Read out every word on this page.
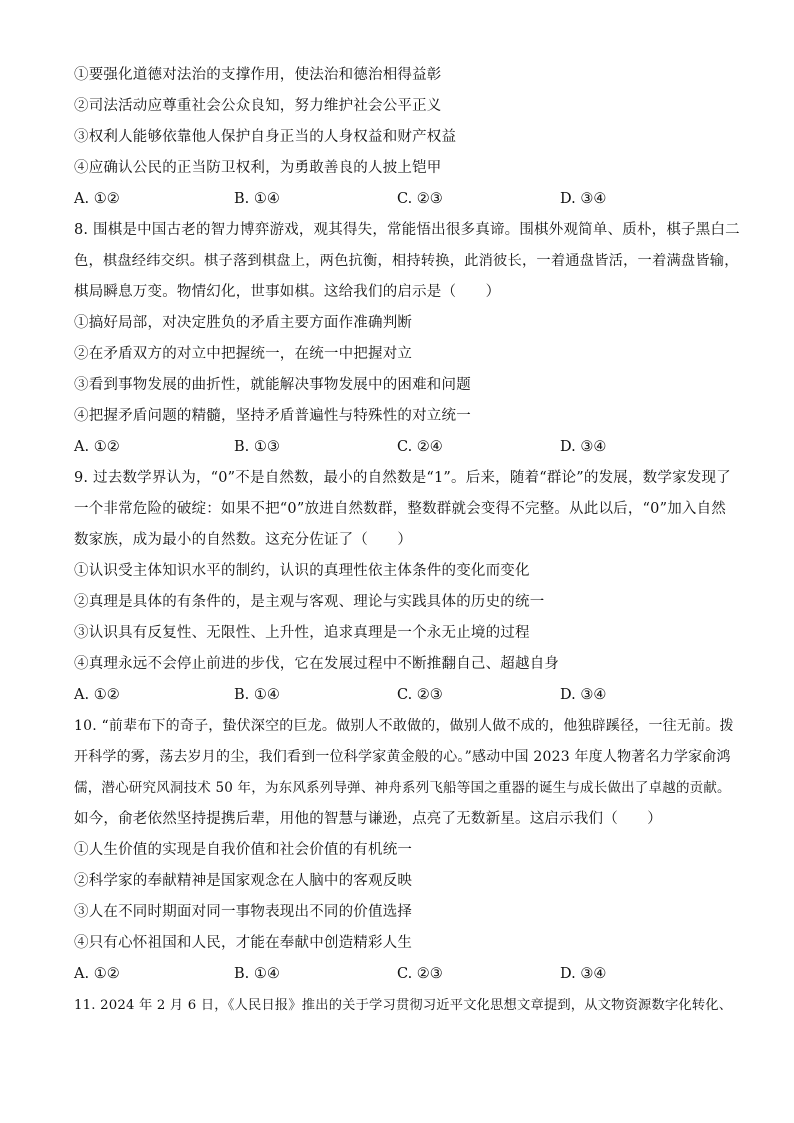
①要强化道德对法治的支撑作用，使法治和德治相得益彰
②司法活动应尊重社会公众良知，努力维护社会公平正义
③权利人能够依靠他人保护自身正当的人身权益和财产权益
④应确认公民的正当防卫权利，为勇敢善良的人披上铠甲
A. ①②	B. ①④	C. ②③	D. ③④
8. 围棋是中国古老的智力博弈游戏，观其得失，常能悟出很多真谛。围棋外观简单、质朴，棋子黑白二
色，棋盘经纬交织。棋子落到棋盘上，两色抗衡，相持转换，此消彼长，一着通盘皆活，一着满盘皆输，
棋局瞬息万变。物情幻化，世事如棋。这给我们的启示是（　　）
①搞好局部，对决定胜负的矛盾主要方面作准确判断
②在矛盾双方的对立中把握统一，在统一中把握对立
③看到事物发展的曲折性，就能解决事物发展中的困难和问题
④把握矛盾问题的精髓，坚持矛盾普遍性与特殊性的对立统一
A. ①②	B. ①③	C. ②④	D. ③④
9. 过去数学界认为，“0”不是自然数，最小的自然数是“1”。后来，随着“群论”的发展，数学家发现了
一个非常危险的破绽：如果不把“0”放进自然数群，整数群就会变得不完整。从此以后，“0”加入自然
数家族，成为最小的自然数。这充分佐证了（　　）
①认识受主体知识水平的制约，认识的真理性依主体条件的变化而变化
②真理是具体的有条件的，是主观与客观、理论与实践具体的历史的统一
③认识具有反复性、无限性、上升性，追求真理是一个永无止境的过程
④真理永远不会停止前进的步伐，它在发展过程中不断推翻自己、超越自身
A. ①②	B. ①④	C. ②③	D. ③④
10. “前辈布下的奇子，蛰伏深空的巨龙。做别人不敢做的，做别人做不成的，他独辟蹊径，一往无前。拨
开科学的雾，荡去岁月的尘，我们看到一位科学家黄金般的心。”感动中国 2023 年度人物著名力学家俞鸿
儒，潜心研究风洞技术 50 年，为东风系列导弹、神舟系列飞船等国之重器的诞生与成长做出了卓越的贡献。
如今，俞老依然坚持提携后辈，用他的智慧与谦逊，点亮了无数新星。这启示我们（　　）
①人生价值的实现是自我价值和社会价值的有机统一
②科学家的奉献精神是国家观念在人脑中的客观反映
③人在不同时期面对同一事物表现出不同的价值选择
④只有心怀祖国和人民，才能在奉献中创造精彩人生
A. ①②	B. ①④	C. ②③	D. ③④
11. 2024 年 2 月 6 日，《人民日报》推出的关于学习贯彻习近平文化思想文章提到，从文物资源数字化转化、
